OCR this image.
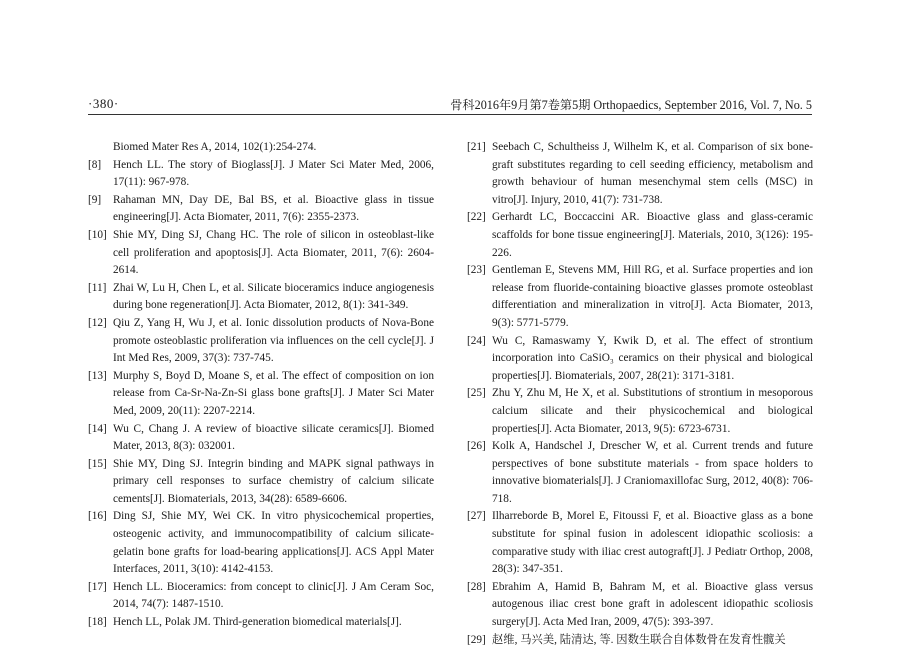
·380·	骨科2016年9月第7卷第5期 Orthopaedics, September 2016, Vol. 7, No. 5
Biomed Mater Res A, 2014, 102(1):254-274.
[8] Hench LL. The story of Bioglass[J]. J Mater Sci Mater Med, 2006, 17(11): 967-978.
[9] Rahaman MN, Day DE, Bal BS, et al. Bioactive glass in tissue engineering[J]. Acta Biomater, 2011, 7(6): 2355-2373.
[10] Shie MY, Ding SJ, Chang HC. The role of silicon in osteoblast-like cell proliferation and apoptosis[J]. Acta Biomater, 2011, 7(6): 2604-2614.
[11] Zhai W, Lu H, Chen L, et al. Silicate bioceramics induce angiogenesis during bone regeneration[J]. Acta Biomater, 2012, 8(1): 341-349.
[12] Qiu Z, Yang H, Wu J, et al. Ionic dissolution products of Nova-Bone promote osteoblastic proliferation via influences on the cell cycle[J]. J Int Med Res, 2009, 37(3): 737-745.
[13] Murphy S, Boyd D, Moane S, et al. The effect of composition on ion release from Ca-Sr-Na-Zn-Si glass bone grafts[J]. J Mater Sci Mater Med, 2009, 20(11): 2207-2214.
[14] Wu C, Chang J. A review of bioactive silicate ceramics[J]. Biomed Mater, 2013, 8(3): 032001.
[15] Shie MY, Ding SJ. Integrin binding and MAPK signal pathways in primary cell responses to surface chemistry of calcium silicate cements[J]. Biomaterials, 2013, 34(28): 6589-6606.
[16] Ding SJ, Shie MY, Wei CK. In vitro physicochemical properties, osteogenic activity, and immunocompatibility of calcium silicate-gelatin bone grafts for load-bearing applications[J]. ACS Appl Mater Interfaces, 2011, 3(10): 4142-4153.
[17] Hench LL. Bioceramics: from concept to clinic[J]. J Am Ceram Soc, 2014, 74(7): 1487-1510.
[18] Hench LL, Polak JM. Third-generation biomedical materials[J].
[21] Seebach C, Schultheiss J, Wilhelm K, et al. Comparison of six bone-graft substitutes regarding to cell seeding efficiency, metabolism and growth behaviour of human mesenchymal stem cells (MSC) in vitro[J]. Injury, 2010, 41(7): 731-738.
[22] Gerhardt LC, Boccaccini AR. Bioactive glass and glass-ceramic scaffolds for bone tissue engineering[J]. Materials, 2010, 3(126): 195-226.
[23] Gentleman E, Stevens MM, Hill RG, et al. Surface properties and ion release from fluoride-containing bioactive glasses promote osteoblast differentiation and mineralization in vitro[J]. Acta Biomater, 2013, 9(3): 5771-5779.
[24] Wu C, Ramaswamy Y, Kwik D, et al. The effect of strontium incorporation into CaSiO₃ ceramics on their physical and biological properties[J]. Biomaterials, 2007, 28(21): 3171-3181.
[25] Zhu Y, Zhu M, He X, et al. Substitutions of strontium in mesoporous calcium silicate and their physicochemical and biological properties[J]. Acta Biomater, 2013, 9(5): 6723-6731.
[26] Kolk A, Handschel J, Drescher W, et al. Current trends and future perspectives of bone substitute materials - from space holders to innovative biomaterials[J]. J Craniomaxillofac Surg, 2012, 40(8): 706-718.
[27] Ilharreborde B, Morel E, Fitoussi F, et al. Bioactive glass as a bone substitute for spinal fusion in adolescent idiopathic scoliosis: a comparative study with iliac crest autograft[J]. J Pediatr Orthop, 2008, 28(3): 347-351.
[28] Ebrahim A, Hamid B, Bahram M, et al. Bioactive glass versus autogenous iliac crest bone graft in adolescent idiopathic scoliosis surgery[J]. Acta Med Iran, 2009, 47(5): 393-397.
[29] 赵维, 马兴美, 陆清达, 等. 因数生联合自体数骨在发育性髋关
